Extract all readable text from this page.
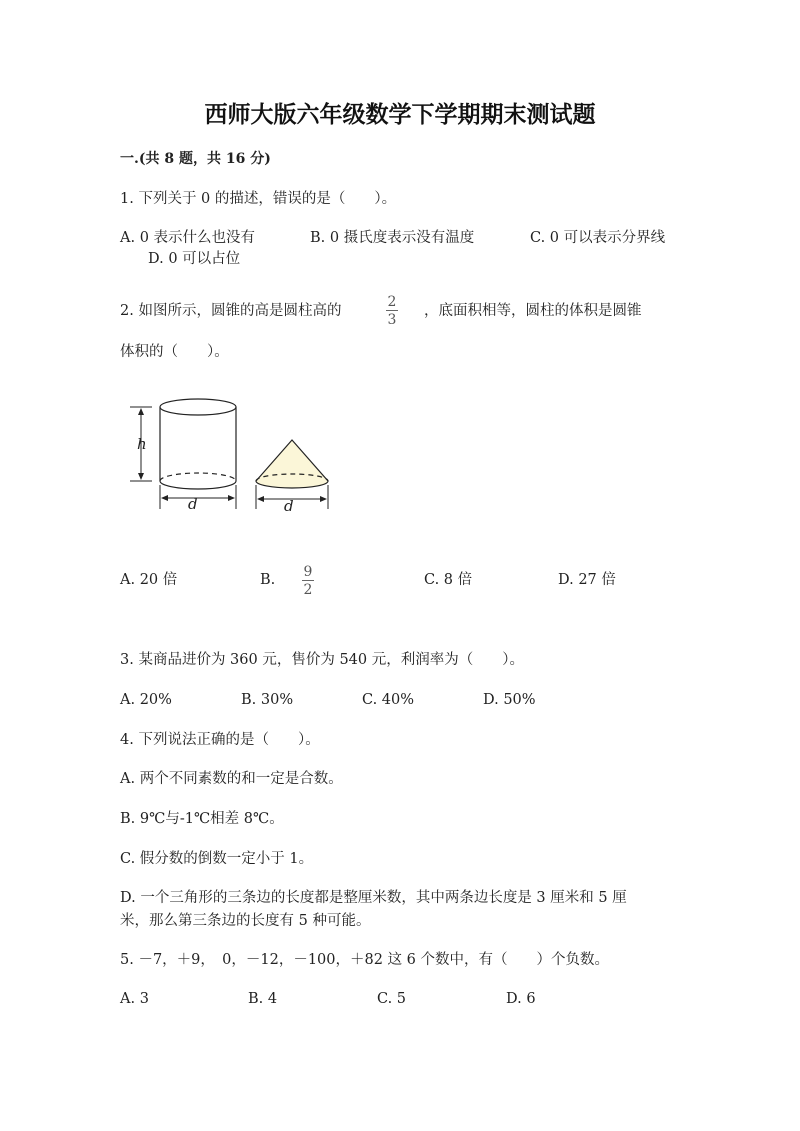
西师大版六年级数学下学期期末测试题
一.(共 8 题，共 16 分)
1. 下列关于 0 的描述，错误的是（　　）。
A. 0 表示什么也没有	B. 0 摄氏度表示没有温度	C. 0 可以表示分界线
D. 0 可以占位
2. 如图所示，圆锥的高是圆柱高的
2
3
，底面积相等，圆柱的体积是圆锥
体积的（　　）。
h
d	d
A. 20 倍	B. 9
2
C. 8 倍	D. 27 倍
3. 某商品进价为 360 元，售价为 540 元，利润率为（　　）。
A. 20%	B. 30%	C. 40%	D. 50%
4. 下列说法正确的是（　　）。
A. 两个不同素数的和一定是合数。
B. 9℃与-1℃相差 8℃。
C. 假分数的倒数一定小于 1。
D. 一个三角形的三条边的长度都是整厘米数，其中两条边长度是 3 厘米和 5 厘
米，那么第三条边的长度有 5 种可能。
5. －7，＋9，　0，－12，－100，＋82 这 6 个数中，有（　　）个负数。
A. 3	B. 4	C. 5	D. 6
